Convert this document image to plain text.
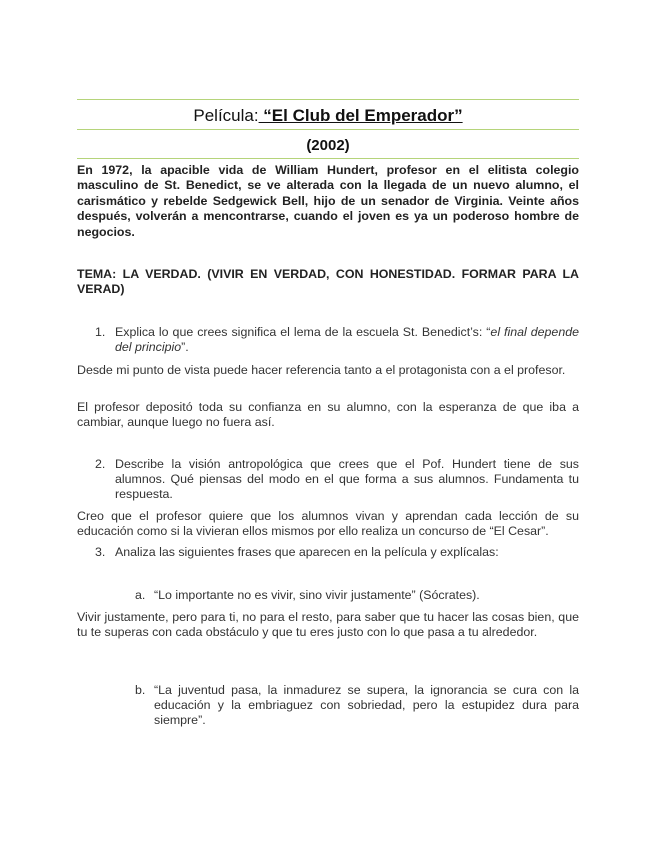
Película: “El Club del Emperador”
(2002)
En 1972, la apacible vida de William Hundert, profesor en el elitista colegio masculino de St. Benedict, se ve alterada con la llegada de un nuevo alumno, el carismático y rebelde Sedgewick Bell, hijo de un senador de Virginia. Veinte años después, volverán a mencontrarse, cuando el joven es ya un poderoso hombre de negocios.
TEMA: LA VERDAD. (VIVIR EN VERDAD, CON HONESTIDAD. FORMAR PARA LA VERAD)
1. Explica lo que crees significa el lema de la escuela St. Benedict’s: “el final depende del principio”.
Desde mi punto de vista puede hacer referencia tanto a el protagonista con a el profesor.
El profesor depositó toda su confianza en su alumno, con la esperanza de que iba a cambiar, aunque luego no fuera así.
2. Describe la visión antropológica que crees que el Pof. Hundert tiene de sus alumnos. Qué piensas del modo en el que forma a sus alumnos. Fundamenta tu respuesta.
Creo que el profesor quiere que los alumnos vivan y aprendan cada lección de su educación como si la vivieran ellos mismos por ello realiza un concurso de “El Cesar”.
3. Analiza las siguientes frases que aparecen en la película y explícalas:
a. “Lo importante no es vivir, sino vivir justamente” (Sócrates).
Vivir justamente, pero para ti, no para el resto, para saber que tu hacer las cosas bien, que tu te superas con cada obstáculo y que tu eres justo con lo que pasa a tu alrededor.
b. “La juventud pasa, la inmadurez se supera, la ignorancia se cura con la educación y la embriaguez con sobriedad, pero la estupidez dura para siempre”.
